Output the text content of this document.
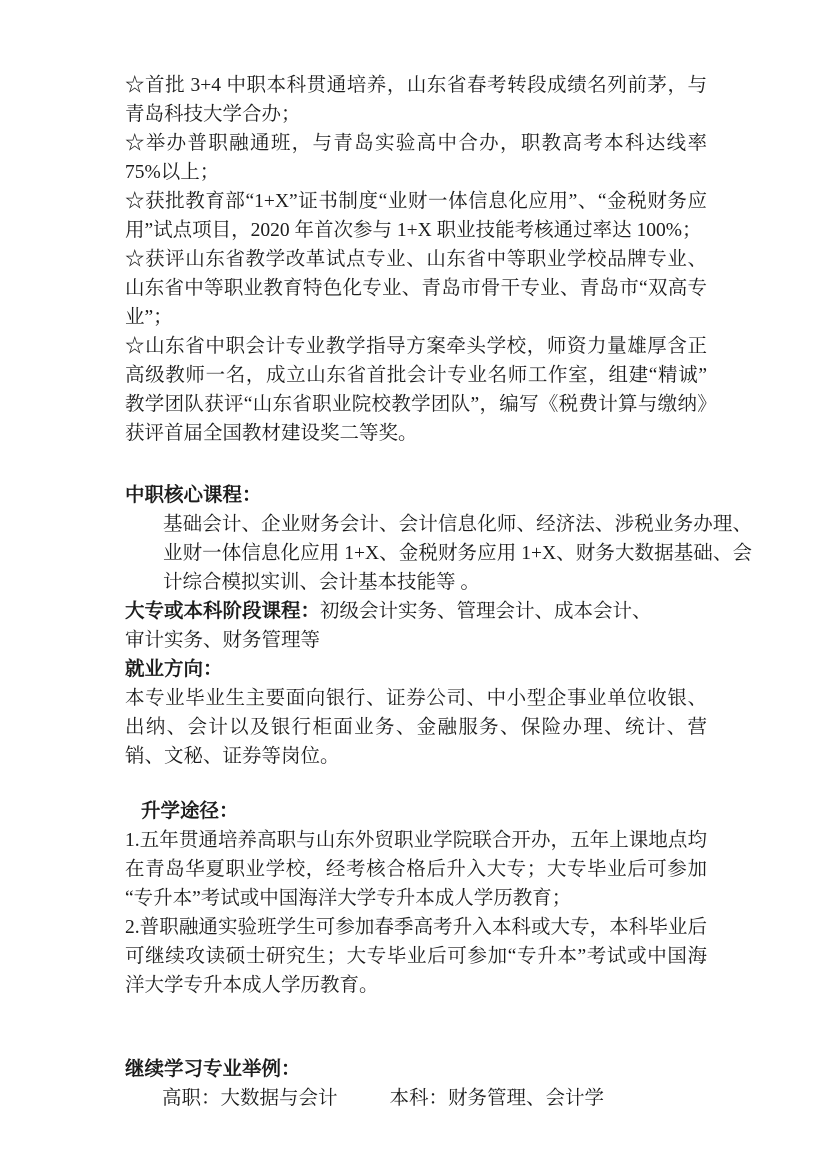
☆首批 3+4 中职本科贯通培养，山东省春考转段成绩名列前茅，与青岛科技大学合办；

☆举办普职融通班，与青岛实验高中合办，职教高考本科达线率 75%以上；

☆获批教育部“1+X”证书制度“业财一体信息化应用”、“金税财务应用”试点项目，2020 年首次参与 1+X 职业技能考核通过率达 100%；

☆获评山东省教学改革试点专业、山东省中等职业学校品牌专业、山东省中等职业教育特色化专业、青岛市骨干专业、青岛市“双高专业”；

☆山东省中职会计专业教学指导方案牵头学校，师资力量雄厚含正高级教师一名，成立山东省首批会计专业名师工作室，组建“精诚”教学团队获评“山东省职业院校教学团队”，编写《税费计算与缴纳》获评首届全国教材建设奖二等奖。

中职核心课程：

基础会计、企业财务会计、会计信息化师、经济法、涉税业务办理、业财一体信息化应用 1+X、金税财务应用 1+X、财务大数据基础、会计综合模拟实训、会计基本技能等 。

大专或本科阶段课程：初级会计实务、管理会计、成本会计、

审计实务、财务管理等

就业方向：

本专业毕业生主要面向银行、证券公司、中小型企事业单位收银、出纳、会计以及银行柜面业务、金融服务、保险办理、统计、营销、文秘、证券等岗位。

升学途径：

1.五年贯通培养高职与山东外贸职业学院联合开办，五年上课地点均在青岛华夏职业学校，经考核合格后升入大专；大专毕业后可参加“专升本”考试或中国海洋大学专升本成人学历教育；

2.普职融通实验班学生可参加春季高考升入本科或大专，本科毕业后可继续攻读硕士研究生；大专毕业后可参加“专升本”考试或中国海洋大学专升本成人学历教育。

继续学习专业举例：

高职：大数据与会计	本科：财务管理、会计学
